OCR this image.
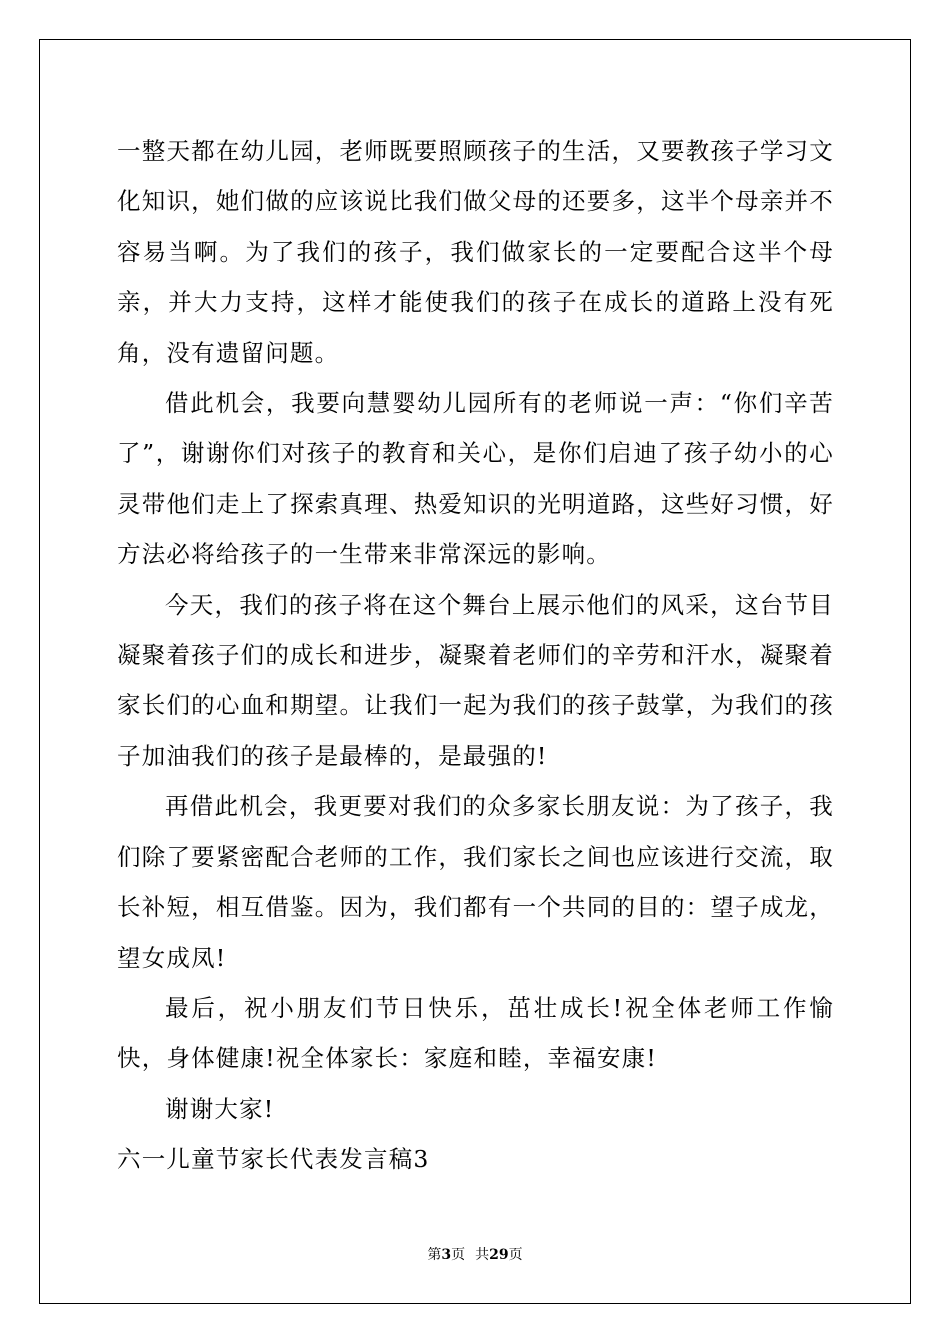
一整天都在幼儿园，老师既要照顾孩子的生活，又要教孩子学习文化知识，她们做的应该说比我们做父母的还要多，这半个母亲并不容易当啊。为了我们的孩子，我们做家长的一定要配合这半个母亲，并大力支持，这样才能使我们的孩子在成长的道路上没有死角，没有遗留问题。

借此机会，我要向慧婴幼儿园所有的老师说一声：“你们辛苦了”，谢谢你们对孩子的教育和关心，是你们启迪了孩子幼小的心灵带他们走上了探索真理、热爱知识的光明道路，这些好习惯，好方法必将给孩子的一生带来非常深远的影响。

今天，我们的孩子将在这个舞台上展示他们的风采，这台节目凝聚着孩子们的成长和进步，凝聚着老师们的辛劳和汗水，凝聚着家长们的心血和期望。让我们一起为我们的孩子鼓掌，为我们的孩子加油我们的孩子是最棒的，是最强的!

再借此机会，我更要对我们的众多家长朋友说：为了孩子，我们除了要紧密配合老师的工作，我们家长之间也应该进行交流，取长补短，相互借鉴。因为，我们都有一个共同的目的：望子成龙，望女成凤!

最后，祝小朋友们节日快乐，茁壮成长!祝全体老师工作愉快，身体健康!祝全体家长：家庭和睦，幸福安康!

谢谢大家!

六一儿童节家长代表发言稿3

第3页 共29页
